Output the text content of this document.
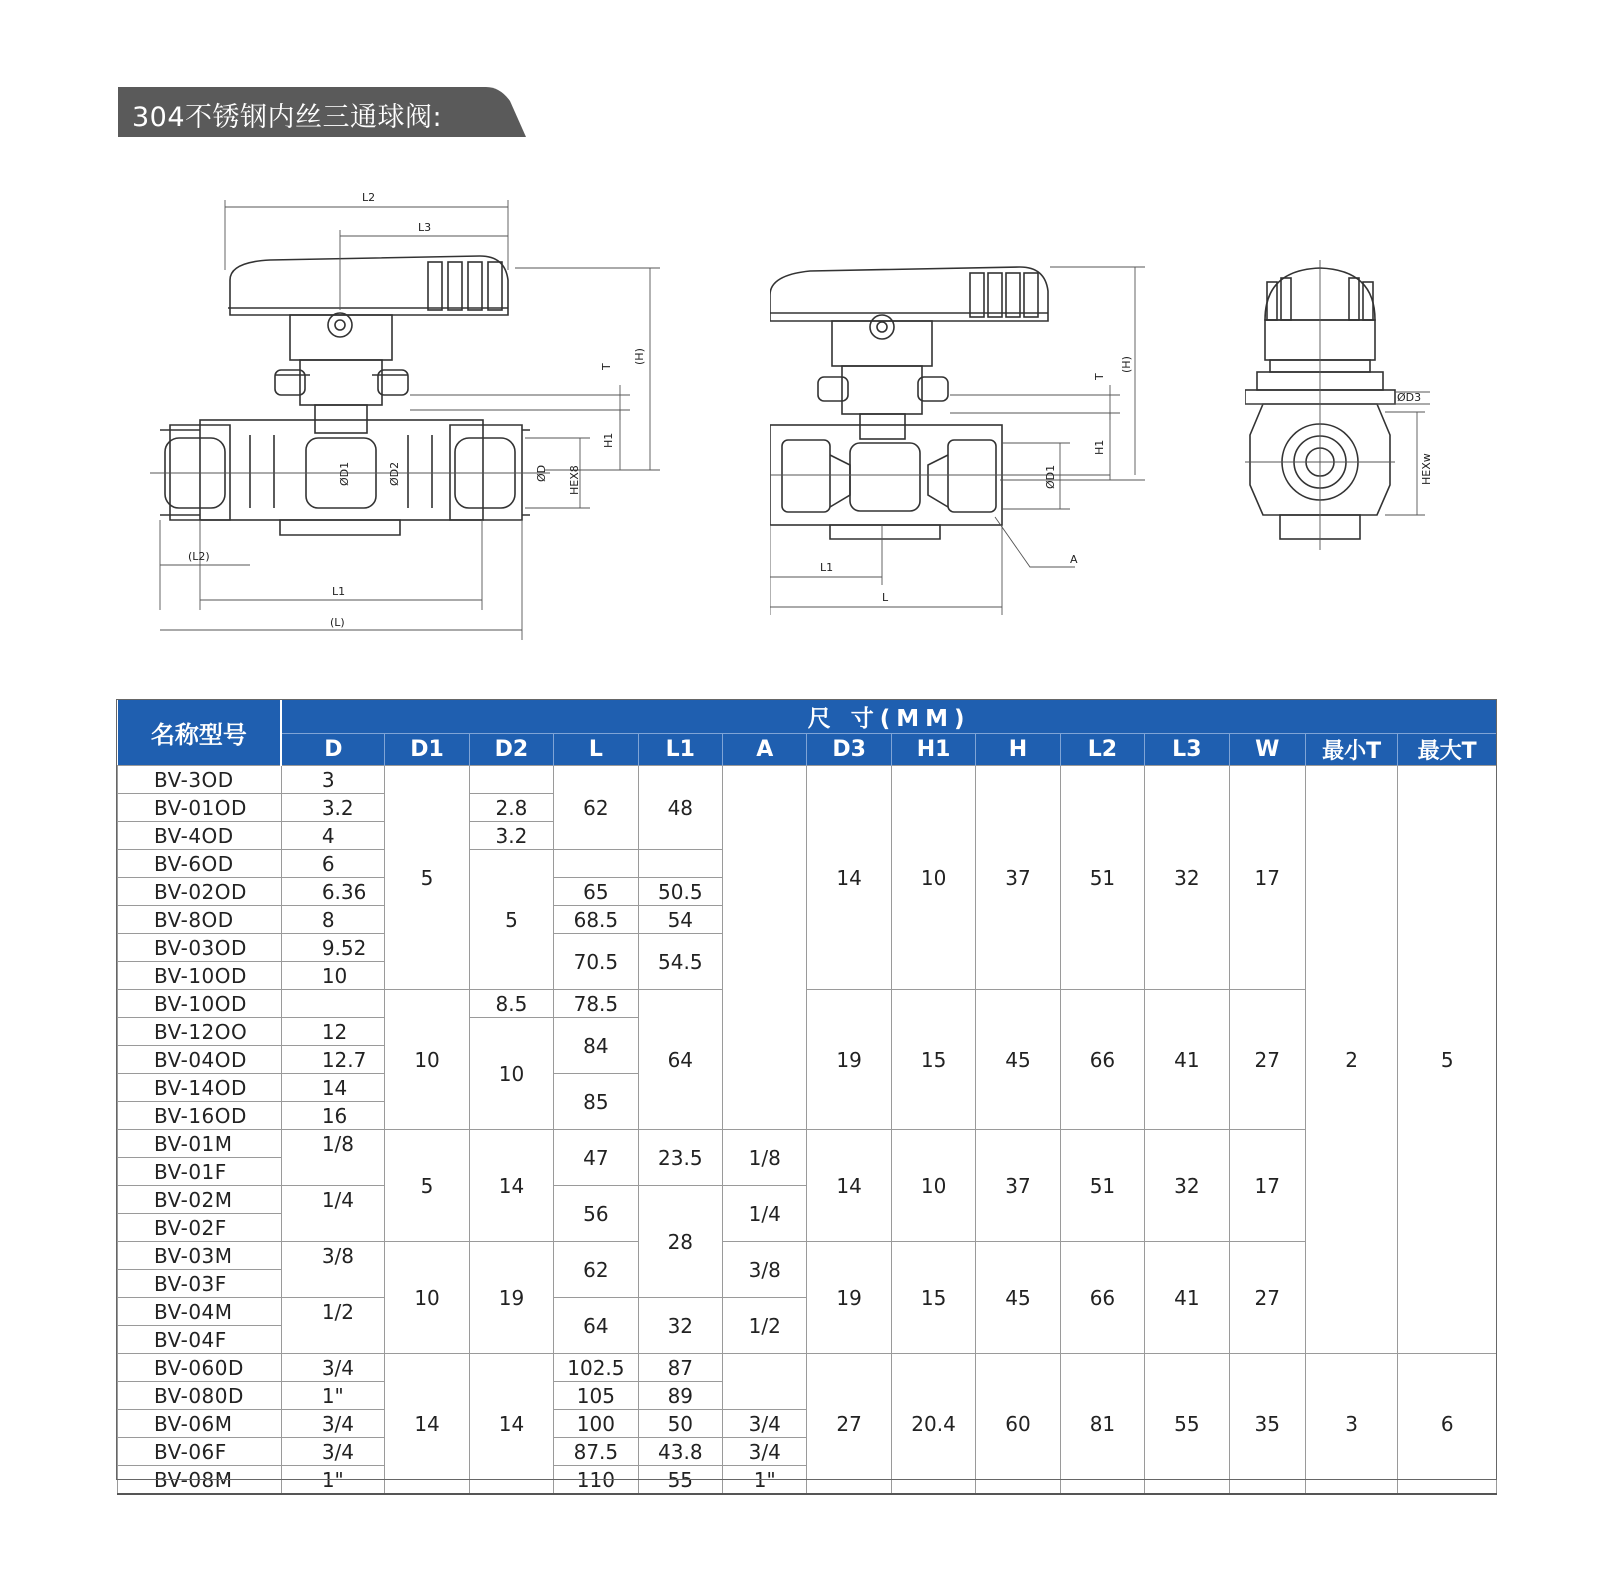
304不锈钢内丝三通球阀:
L2
L3
T
(H)
H1
ØD1	ØD2	ØD HEX8
(L2)
L1
(L)
(H)
T
H1
ØD1
L1
L
A
ØD3
HEXw
名称型号	尺 寸(MM)													
	D	D1	D2	L	L1	A	D3	H1	H	L2	L3	W	最小T	最大T
BV-3OD	3	5		62	48		14	10	37	51	32	17	2	5
BV-01OD	3.2		2.8											
BV-4OD	4		3.2											
BV-6OD	6		5											
BV-02OD	6.36			65	50.5									
BV-8OD	8			68.5	54									
BV-03OD	9.52			70.5	54.5									
BV-10OD	10													
BV-10OD		10	8.5	78.5	64		19	15	45	66	41	27		
BV-12OO	12		10	84										
BV-04OD	12.7													
BV-14OD	14			85										
BV-16OD	16													
BV-01M	1/8	5	14	47	23.5	1/8	14	10	37	51	32	17		
BV-01F														
BV-02M	1/4			56	28	1/4								
BV-02F														
BV-03M	3/8	10	19	62		3/8	19	15	45	66	41	27		
BV-03F														
BV-04M	1/2			64	32	1/2								
BV-04F														
BV-060D	3/4	14	14	102.5	87		27	20.4	60	81	55	35	3	6
BV-080D	1"			105	89									
BV-06M	3/4			100	50	3/4								
BV-06F	3/4			87.5	43.8	3/4								
BV-08M	1"			110	55	1"								
